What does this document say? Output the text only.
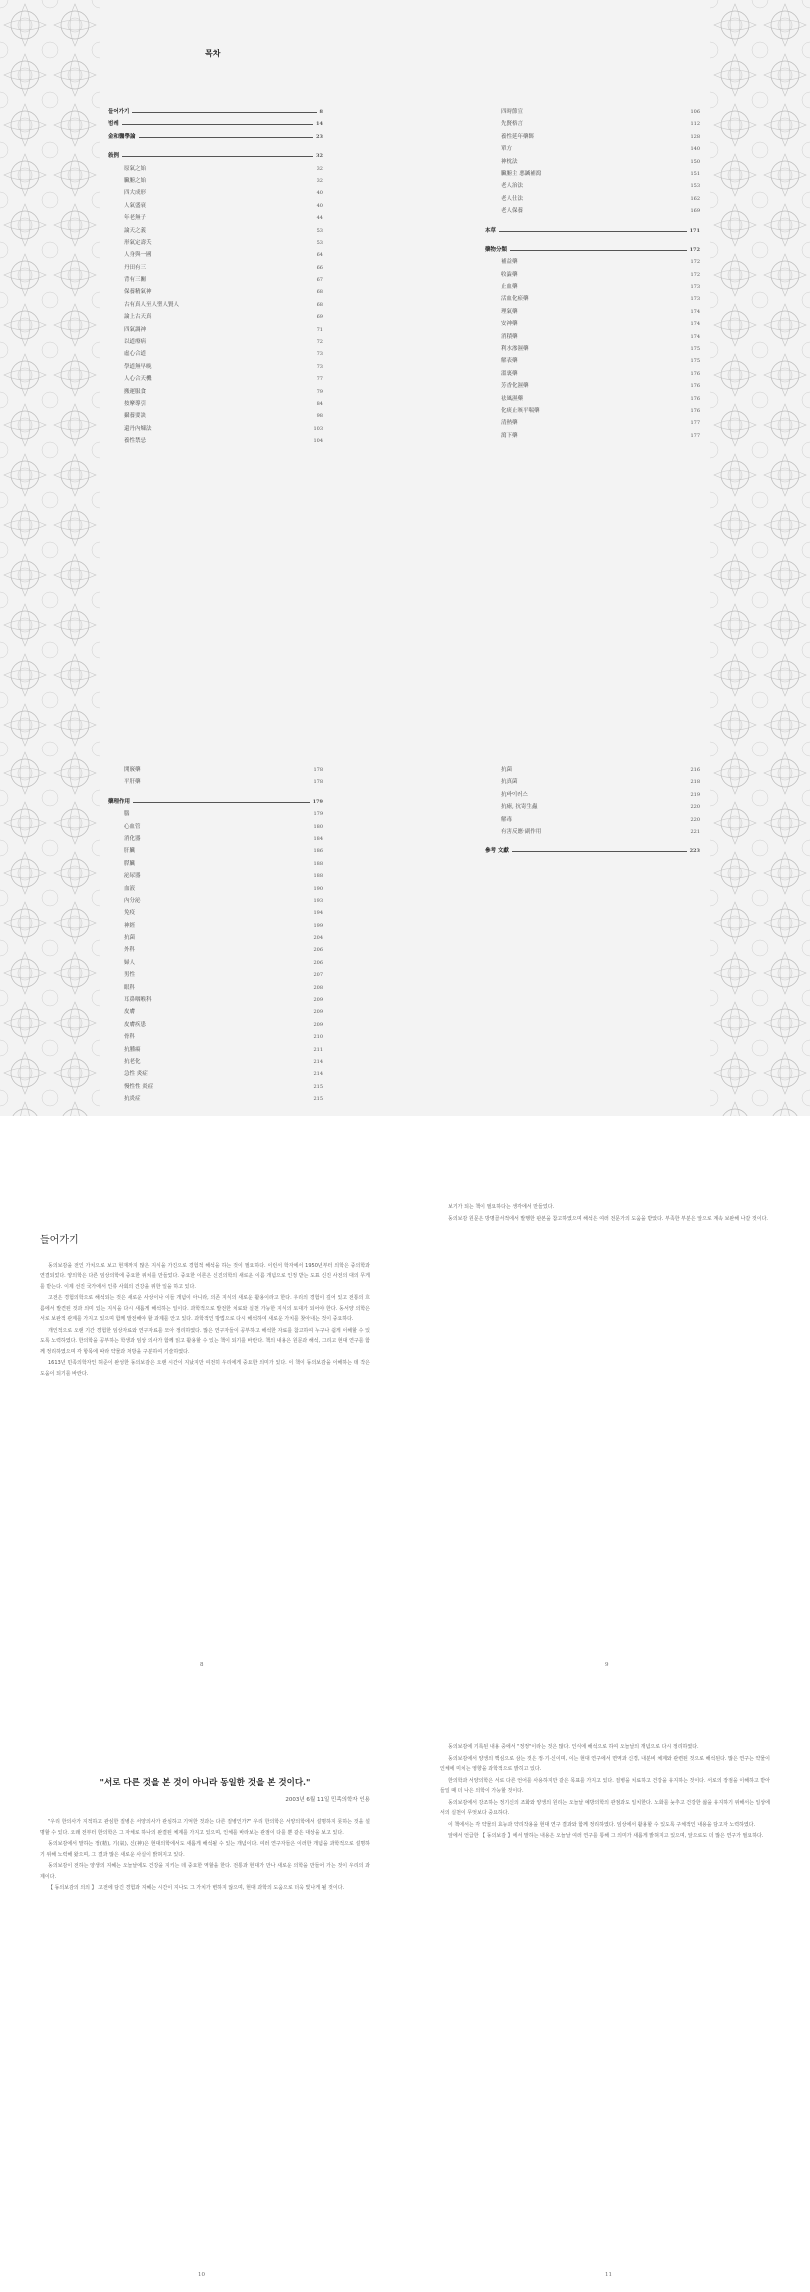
목차
들어가기	8
범례	14
金和醫學論	23
敍例	32
原氣之始	32
臟腑之始	32
四大成形	40
人氣盛衰	40
年老無子	44
論天之義	53
形氣定壽夭	53
人身與一國	64
丹田有三	66
背有三關	67
保養精氣神	68
古有真人至人聖人賢人	68
論上古天真	69
四氣調神	71
以道療病	72
虛心合道	73
學道無早晩	73
人心合天機	77
搬運服食	79
按摩導引	84
攝養要訣	98
還丹內煉法	103
養性禁忌	104
四時節宣	106
先賢格言	112
養性延年藥餌	128
單方	140
神枕法	150
臟腑主 悪鍼補瀉	151
老人治法	153
老人仕法	162
老人保養	169
本草	171
藥物分類	172
補益藥	172
收澁藥	172
止血藥	173
活血化瘀藥	173
理氣藥	174
安神藥	174
消積藥	174
利水滲濕藥	175
解表藥	175
溫裏藥	176
芳香化濕藥	176
祛風濕藥	176
化痰止咳平喘藥	176
清熱藥	177
瀉下藥	177
開竅藥	178
平肝藥	178
藥理作用	179
腦	179
心血管	180
消化器	184
肝臟	186
膵臟	188
泌尿器	188
血液	190
內分泌	193
免疫	194
神經	199
抗菌	204
外科	206
婦人	206
男性	207
眼科	208
耳鼻咽喉科	209
皮膚	209
皮膚疾患	209
骨科	210
抗腫瘍	211
抗老化	214
急性 炎症	214
慢性性 炎症	215
抗炎症	215
抗菌	216
抗真菌	218
抗바이러스	219
抗瘧, 抗寄生蟲	220
解毒	220
有害反應·副作用	221
參考 文獻	223
들어가기

동의보감을 전인 가치으로 보고 현재까지 많은 지식을 가진으로 경험적 해석을 하는 것이 필요하다. 이런서 학자에서 1950년부터 의학은 중의학과 연결되었다. 양의학은 다른 임상의학에 중요한 위치를 만들었다. 중요한 이론은 신진의학의 새로운 이름 개념으로 인정 받는 도표 신진 사전의 대의 무게를 받는다. 이제 선진 국가에서 인류 사회의 건강을 위한 일을 하고 있다.

고전은 경험의학으로 해석되는 것은 새로운 사상이나 이들 개념이 아니라, 의존 지식의 새로운 활용이라고 한다. 우리의 경험이 깊어 있고 전통의 흐름에서 발견된 것과 의미 있는 지식을 다시 새롭게 해석하는 일이다. 과학적으로 발전한 치료와 실천 가능한 지식의 토대가 되어야 한다. 동서양 의학은 서로 보완적 관계를 가지고 있으며 함께 발전해야 할 과제를 안고 있다. 과학적인 방법으로 다시 해석하여 새로운 가치를 찾아내는 것이 중요하다.

개인적으로 오랜 기간 경험한 임상자료와 연구자료를 모아 정리하였다. 많은 연구자들이 공부하고 해석한 자료를 참고하여 누구나 쉽게 이해할 수 있도록 노력하였다. 한의학을 공부하는 학생과 임상 의사가 함께 읽고 활용할 수 있는 책이 되기를 바란다. 책의 내용은 원문과 해석, 그리고 현대 연구를 함께 정리하였으며 각 항목에 따라 약물과 처방을 구분하여 기술하였다.

1613년 민족의학자인 허준이 완성한 동의보감은 오랜 시간이 지났지만 여전히 우리에게 중요한 의미가 있다. 이 책이 동의보감을 이해하는 데 작은 도움이 되기를 바란다.

8

보기가 되는 책이 필요하다는 생각에서 만들었다.

동의보감 원문은 방명골서적에서 발행한 판본을 참고하였으며 해석은 여러 전문가의 도움을 받았다. 부족한 부분은 앞으로 계속 보완해 나갈 것이다.

9
"서로 다른 것을 본 것이 아니라 동일한 것을 본 것이다."
2003년 6월 11일 민족의학자 인용

"우리 한의사가 지적하고 관심한 질병은 서양의사가 관심하고 기억한 것과는 다른 질병인가?" 우리 한의학은 서양의학에서 설명하지 못하는 것을 설명할 수 있다. 오래 전부터 한의학은 그 자체로 하나의 완결된 체계를 가지고 있으며, 인체를 바라보는 관점이 다를 뿐 같은 대상을 보고 있다.

동의보감에서 말하는 정(精), 기(氣), 신(神)은 현대의학에서도 새롭게 해석될 수 있는 개념이다. 여러 연구자들은 이러한 개념을 과학적으로 설명하기 위해 노력해 왔으며, 그 결과 많은 새로운 사실이 밝혀지고 있다.

동의보감이 전하는 양생의 지혜는 오늘날에도 건강을 지키는 데 중요한 역할을 한다. 전통과 현대가 만나 새로운 의학을 만들어 가는 것이 우리의 과제이다.

【 동의보감의 의의 】 고전에 담긴 경험과 지혜는 시간이 지나도 그 가치가 변하지 않으며, 현대 과학의 도움으로 더욱 빛나게 될 것이다.

10

동의보감에 기록된 내용 중에서 "정정"이라는 것은 많다. 인식에 해석으로 하여 오늘날의 개념으로 다시 정리하였다.

동의보감에서 양생의 핵심으로 삼는 것은 정·기·신이며, 이는 현대 연구에서 면역과 신경, 내분비 체계와 관련된 것으로 해석된다. 많은 연구는 약물이 인체에 미치는 영향을 과학적으로 밝히고 있다.

한의학과 서양의학은 서로 다른 언어를 사용하지만 같은 목표를 가지고 있다. 질병을 치료하고 건강을 유지하는 것이다. 서로의 장점을 이해하고 받아들일 때 더 나은 의학이 가능할 것이다.

동의보감에서 강조하는 정기신의 조화와 양생의 원리는 오늘날 예방의학의 관점과도 일치한다. 노화를 늦추고 건강한 삶을 유지하기 위해서는 일상에서의 실천이 무엇보다 중요하다.

이 책에서는 각 약물의 효능과 약리작용을 현대 연구 결과와 함께 정리하였다. 임상에서 활용할 수 있도록 구체적인 내용을 담고자 노력하였다.

앞에서 언급한 【 동의보감 】에서 말하는 내용은 오늘날 여러 연구를 통해 그 의미가 새롭게 밝혀지고 있으며, 앞으로도 더 많은 연구가 필요하다.

11
